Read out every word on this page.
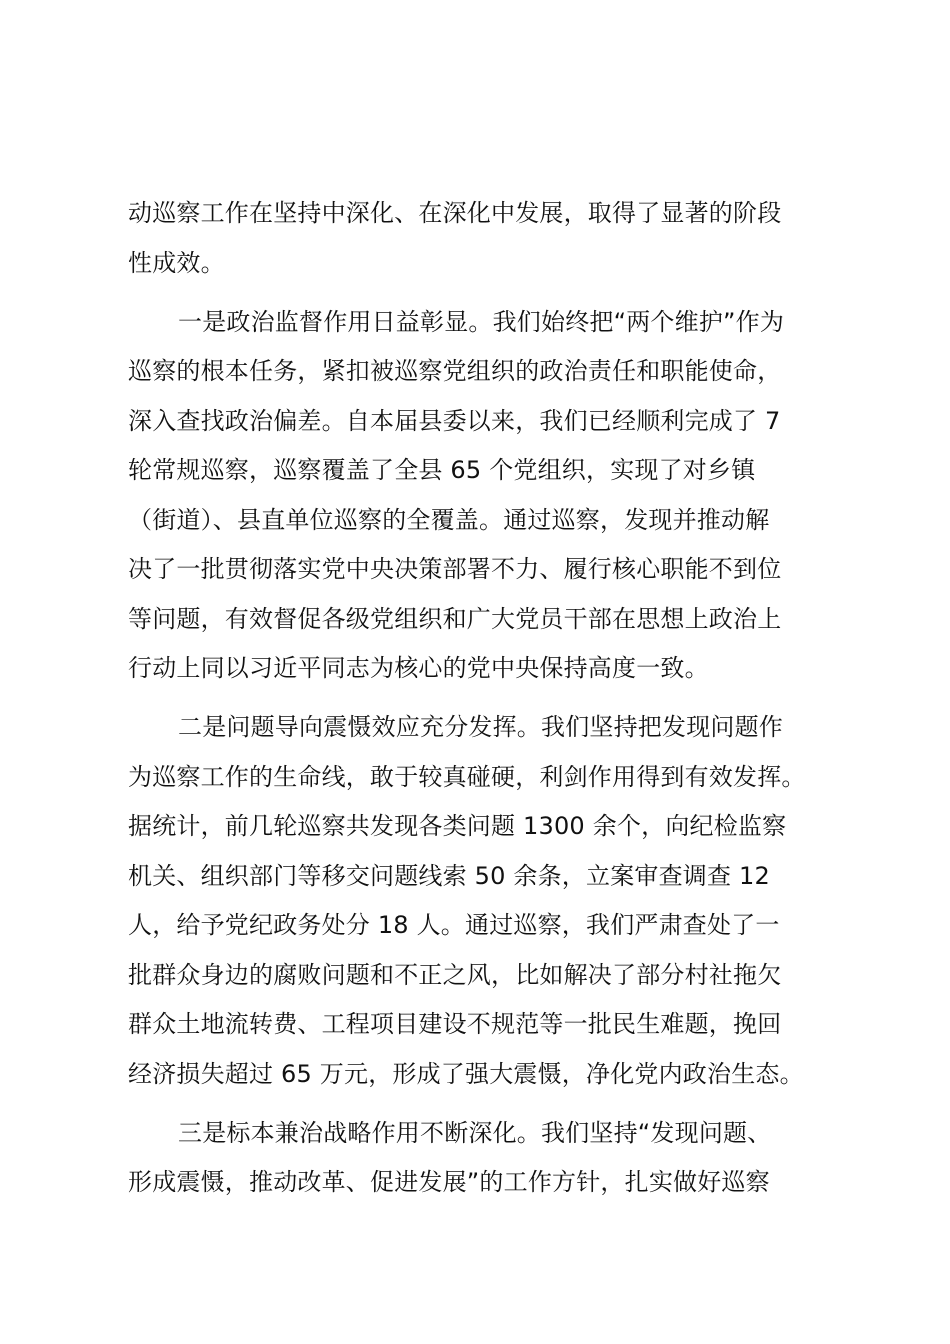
动巡察工作在坚持中深化、在深化中发展，取得了显著的阶段
性成效。
一是政治监督作用日益彰显。我们始终把“两个维护”作为
巡察的根本任务，紧扣被巡察党组织的政治责任和职能使命，
深入查找政治偏差。自本届县委以来，我们已经顺利完成了 7
轮常规巡察，巡察覆盖了全县 65 个党组织，实现了对乡镇
（街道）、县直单位巡察的全覆盖。通过巡察，发现并推动解
决了一批贯彻落实党中央决策部署不力、履行核心职能不到位
等问题，有效督促各级党组织和广大党员干部在思想上政治上
行动上同以习近平同志为核心的党中央保持高度一致。
二是问题导向震慑效应充分发挥。我们坚持把发现问题作
为巡察工作的生命线，敢于较真碰硬，利剑作用得到有效发挥。
据统计，前几轮巡察共发现各类问题 1300 余个，向纪检监察
机关、组织部门等移交问题线索 50 余条，立案审查调查 12
人，给予党纪政务处分 18 人。通过巡察，我们严肃查处了一
批群众身边的腐败问题和不正之风，比如解决了部分村社拖欠
群众土地流转费、工程项目建设不规范等一批民生难题，挽回
经济损失超过 65 万元，形成了强大震慑，净化党内政治生态。
三是标本兼治战略作用不断深化。我们坚持“发现问题、
形成震慑，推动改革、促进发展”的工作方针，扎实做好巡察
